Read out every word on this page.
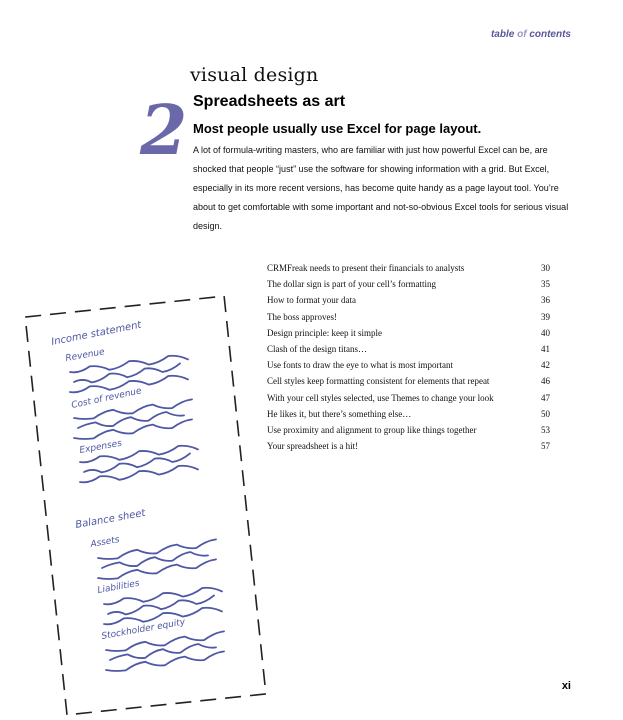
table of contents
2
visual design
Spreadsheets as art
Most people usually use Excel for page layout.

A lot of formula-writing masters, who are familiar with just how powerful Excel can be, are shocked that people “just” use the software for showing information with a grid. But Excel, especially in its more recent versions, has become quite handy as a page layout tool. You’re about to get comfortable with some important and not-so-obvious Excel tools for serious visual design.

CRMFreak needs to present their financials to analysts	30
The dollar sign is part of your cell’s formatting	35
How to format your data	36
The boss approves!	39
Design principle: keep it simple	40
Clash of the design titans…	41
Use fonts to draw the eye to what is most important	42
Cell styles keep formatting consistent for elements that repeat	46
With your cell styles selected, use Themes to change your look	47
He likes it, but there’s something else…	50
Use proximity and alignment to group like things together	53
Your spreadsheet is a hit!	57
Income statement
Revenue
Cost of revenue
Expenses
Balance sheet
Assets
Liabilities
Stockholder equity
xi
